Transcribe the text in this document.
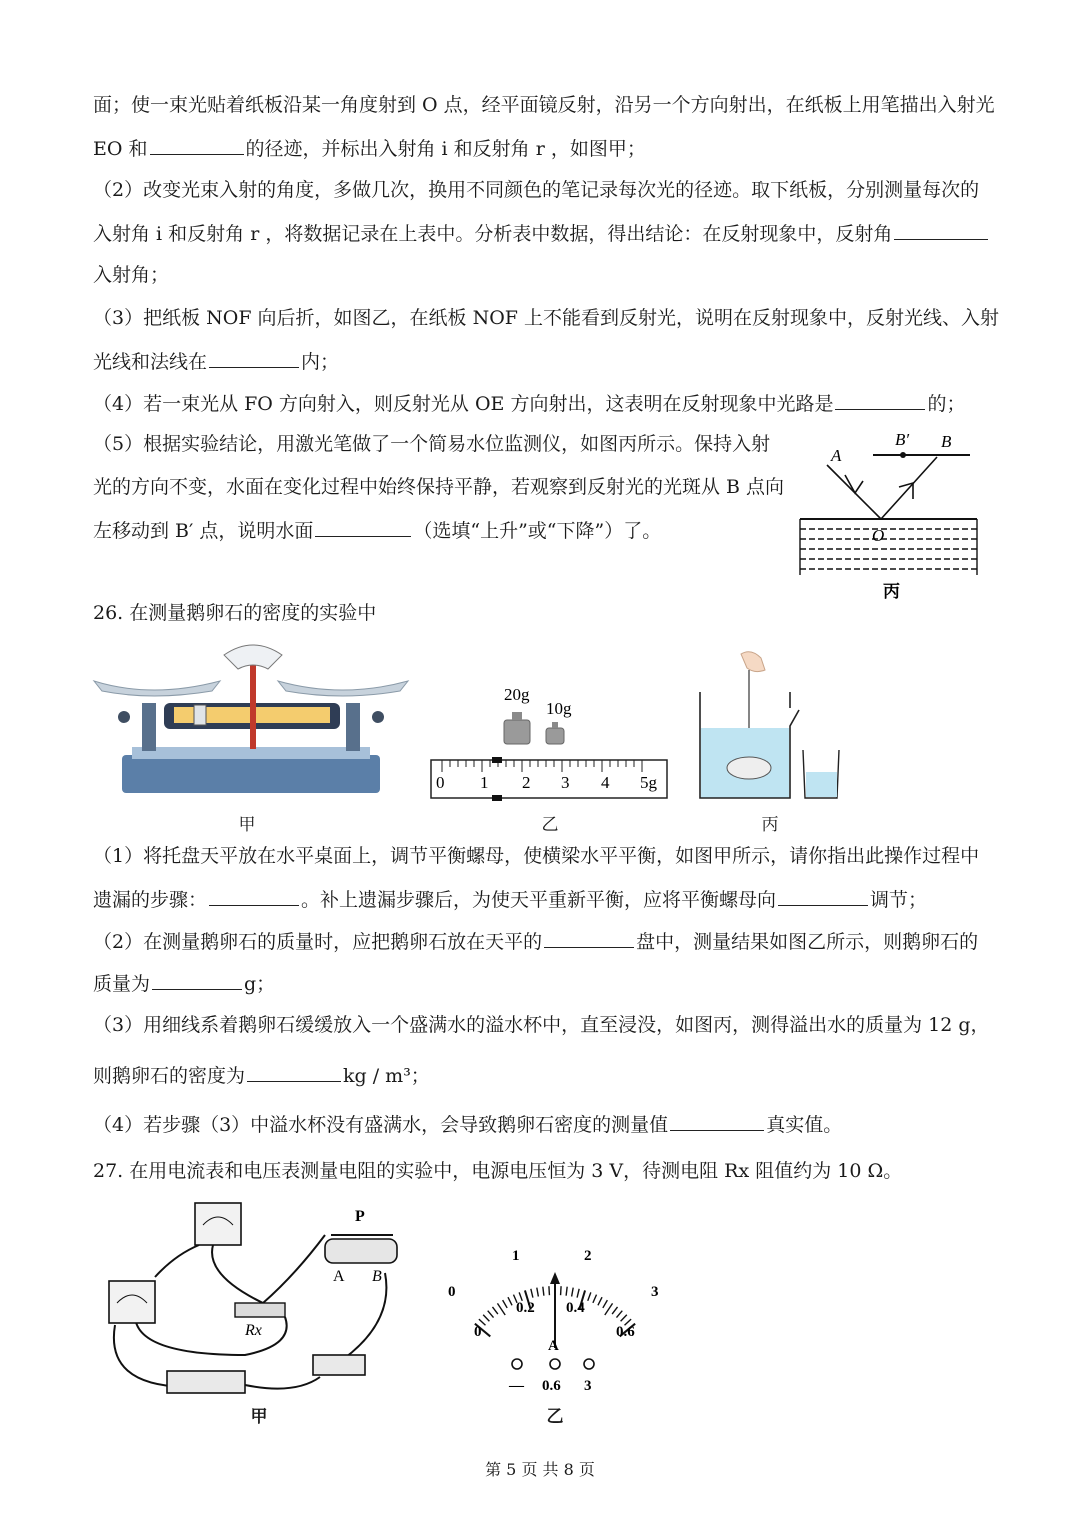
面；使一束光贴着纸板沿某一角度射到 O 点，经平面镜反射，沿另一个方向射出，在纸板上用笔描出入射光
EO 和	的径迹，并标出入射角 i 和反射角 r ，如图甲；
（2）改变光束入射的角度，多做几次，换用不同颜色的笔记录每次光的径迹。取下纸板，分别测量每次的
入射角 i 和反射角 r ，将数据记录在上表中。分析表中数据，得出结论：在反射现象中，反射角
入射角；
（3）把纸板 NOF 向后折，如图乙，在纸板 NOF 上不能看到反射光，说明在反射现象中，反射光线、入射
光线和法线在	内；
（4）若一束光从 FO 方向射入，则反射光从 OE 方向射出，这表明在反射现象中光路是	的；
（5）根据实验结论，用激光笔做了一个简易水位监测仪，如图丙所示。保持入射
光的方向不变，水面在变化过程中始终保持平静，若观察到反射光的光斑从 B 点向
左移动到 B′ 点，说明水面	（选填“上升”或“下降”）了。
A
B′ B
O
丙
26. 在测量鹅卵石的密度的实验中
20g
10g
0 1 2 3 4 5g
甲	乙	丙
（1）将托盘天平放在水平桌面上，调节平衡螺母，使横梁水平平衡，如图甲所示，请你指出此操作过程中
遗漏的步骤：	。补上遗漏步骤后，为使天平重新平衡，应将平衡螺母向	调节；
（2）在测量鹅卵石的质量时，应把鹅卵石放在天平的	盘中，测量结果如图乙所示，则鹅卵石的
质量为	g；
（3）用细线系着鹅卵石缓缓放入一个盛满水的溢水杯中，直至浸没，如图丙，测得溢出水的质量为 12 g，
则鹅卵石的密度为	kg / m³；
（4）若步骤（3）中溢水杯没有盛满水，会导致鹅卵石密度的测量值	真实值。
27. 在用电流表和电压表测量电阻的实验中，电源电压恒为 3 V，待测电阻 Rx 阻值约为 10 Ω。
P
A B
Rx
0
1	2
3
0
0.2 0.4
0.6
A
— 0.6 3
甲	乙
第 5 页 共 8 页
